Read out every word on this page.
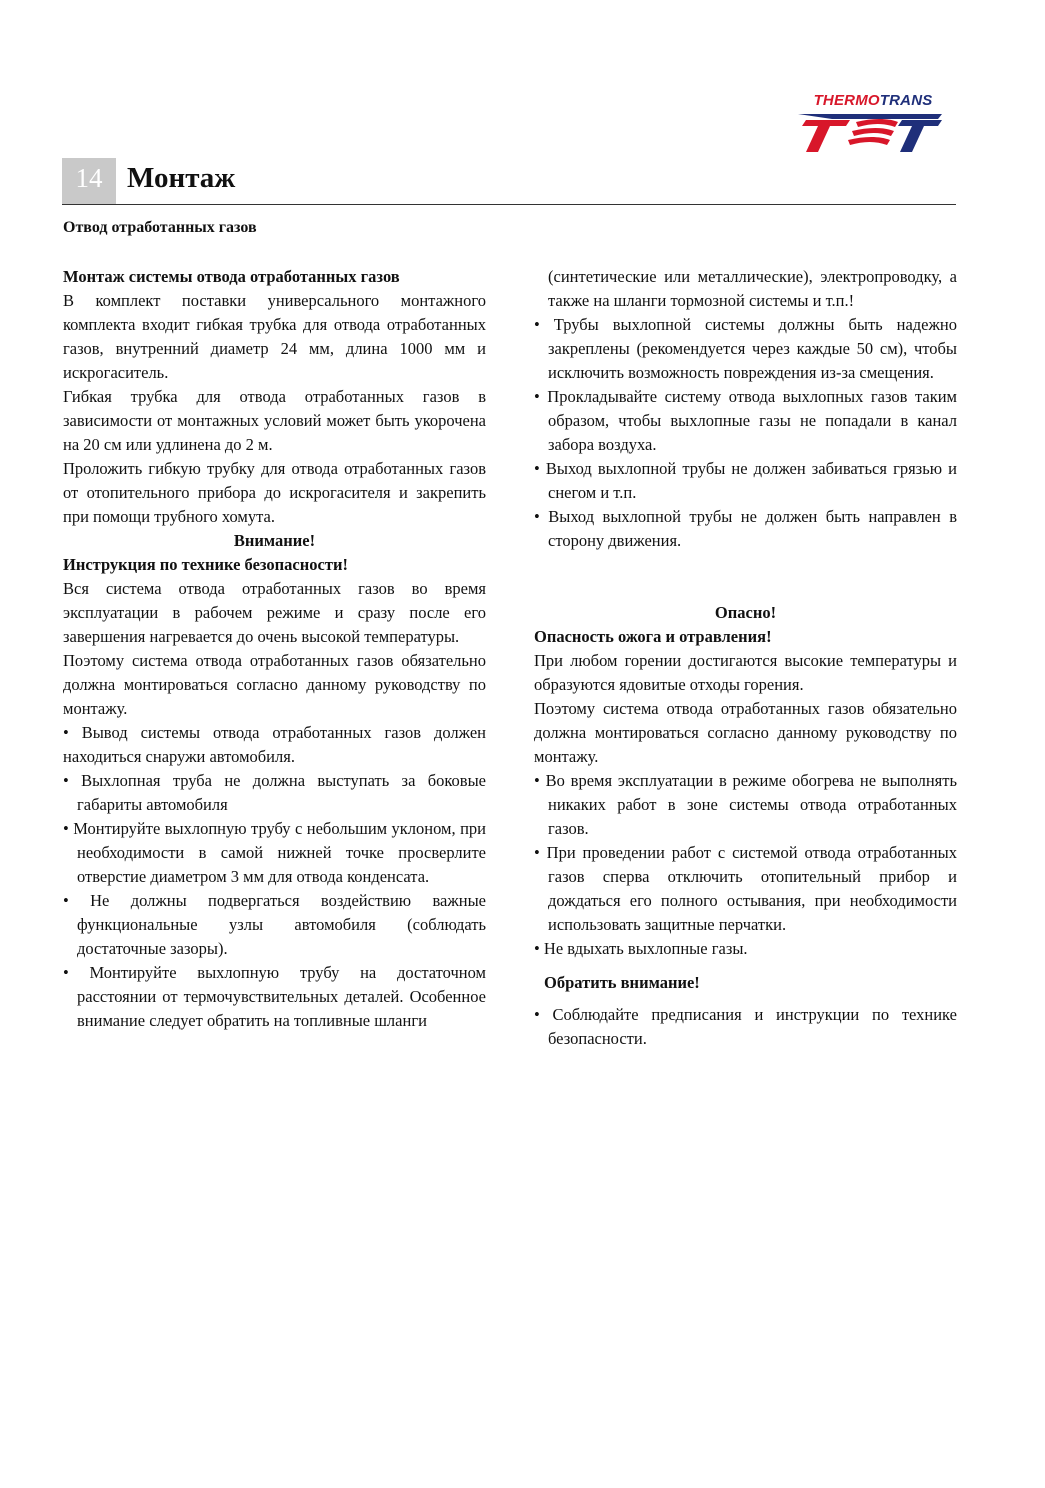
THERMOTRANS
14 Монтаж
Отвод отработанных газов

Монтаж системы отвода отработанных газов

В комплект поставки универсального монтажного комплекта входит гибкая трубка для отвода отработанных газов, внутренний диаметр 24 мм, длина 1000 мм и искрогаситель.

Гибкая трубка для отвода отработанных газов в зависимости от монтажных условий может быть укорочена на 20 см или удлинена до 2 м.

Проложить гибкую трубку для отвода отработанных газов от отопительного прибора до искрогасителя и закрепить при помощи трубного хомута.

Внимание!

Инструкция по технике безопасности!

Вся система отвода отработанных газов во время эксплуатации в рабочем режиме и сразу после его завершения нагревается до очень высокой температуры.

Поэтому система отвода отработанных газов обязательно должна монтироваться согласно данному руководству по монтажу.

• Вывод системы отвода отработанных газов должен находиться снаружи автомобиля.

• Выхлопная труба не должна выступать за боковые габариты автомобиля

• Монтируйте выхлопную трубу с небольшим уклоном, при необходимости в самой нижней точке просверлите отверстие диаметром 3 мм для отвода конденсата.

• Не должны подвергаться воздействию важные функциональные узлы автомобиля (соблюдать достаточные зазоры).

• Монтируйте выхлопную трубу на достаточном расстоянии от термочувствительных деталей. Особенное внимание следует обратить на топливные шланги

(синтетические или металлические), электропроводку, а также на шланги тормозной системы и т.п.!

• Трубы выхлопной системы должны быть надежно закреплены (рекомендуется через каждые 50 см), чтобы исключить возможность повреждения из-за смещения.

• Прокладывайте систему отвода выхлопных газов таким образом, чтобы выхлопные газы не попадали в канал забора воздуха.

• Выход выхлопной трубы не должен забиваться грязью и снегом и т.п.

• Выход выхлопной трубы не должен быть направлен в сторону движения.

Опасно!

Опасность ожога и отравления!

При любом горении достигаются высокие температуры и образуются ядовитые отходы горения.

Поэтому система отвода отработанных газов обязательно должна монтироваться согласно данному руководству по монтажу.

• Во время эксплуатации в режиме обогрева не выполнять никаких работ в зоне системы отвода отработанных газов.

• При проведении работ с системой отвода отработанных газов сперва отключить отопительный прибор и дождаться его полного остывания, при необходимости использовать защитные перчатки.

• Не вдыхать выхлопные газы.

Обратить внимание!

• Соблюдайте предписания и инструкции по технике безопасности.
